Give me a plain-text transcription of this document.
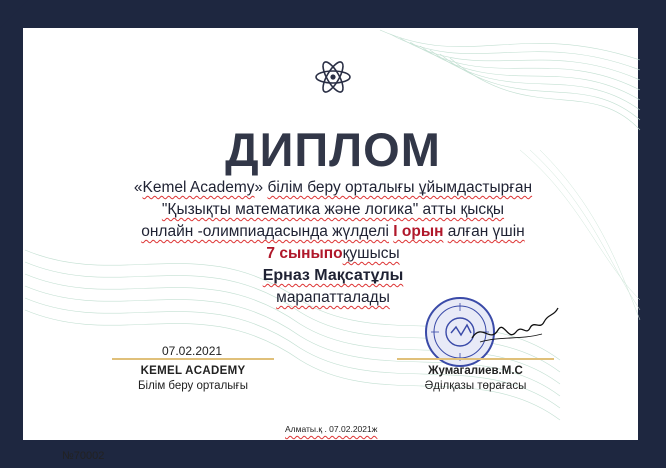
ДИПЛОМ
«Kemel Academy» білім беру орталығы ұйымдастырған
"Қызықты математика және логика" атты қысқы
онлайн -олимпиадасында жүлделі I орын алған үшін
7 сыныпоқушысы
Ерназ Мақсатұлы
марапатталады
07.02.2021
KEMEL ACADEMY
Білім беру орталығы
Жумагалиев.М.С
Әділқазы төрағасы
Алматы.қ . 07.02.2021ж
№70002
